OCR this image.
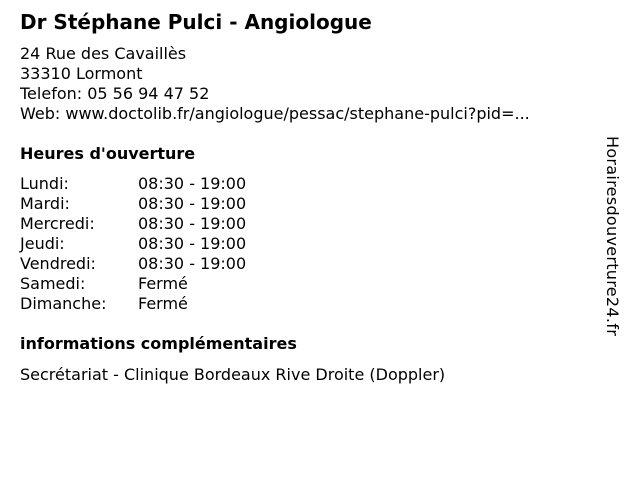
Dr Stéphane Pulci - Angiologue
24 Rue des Cavaillès
33310 Lormont
Telefon: 05 56 94 47 52
Web: www.doctolib.fr/angiologue/pessac/stephane-pulci?pid=...
Heures d'ouverture
Lundi:	08:30 - 19:00
Mardi:	08:30 - 19:00
Mercredi:	08:30 - 19:00
Jeudi:	08:30 - 19:00
Vendredi:	08:30 - 19:00
Samedi:	Fermé
Dimanche:	Fermé
informations complémentaires
Secrétariat - Clinique Bordeaux Rive Droite (Doppler)
Horairesdouverture24.fr
